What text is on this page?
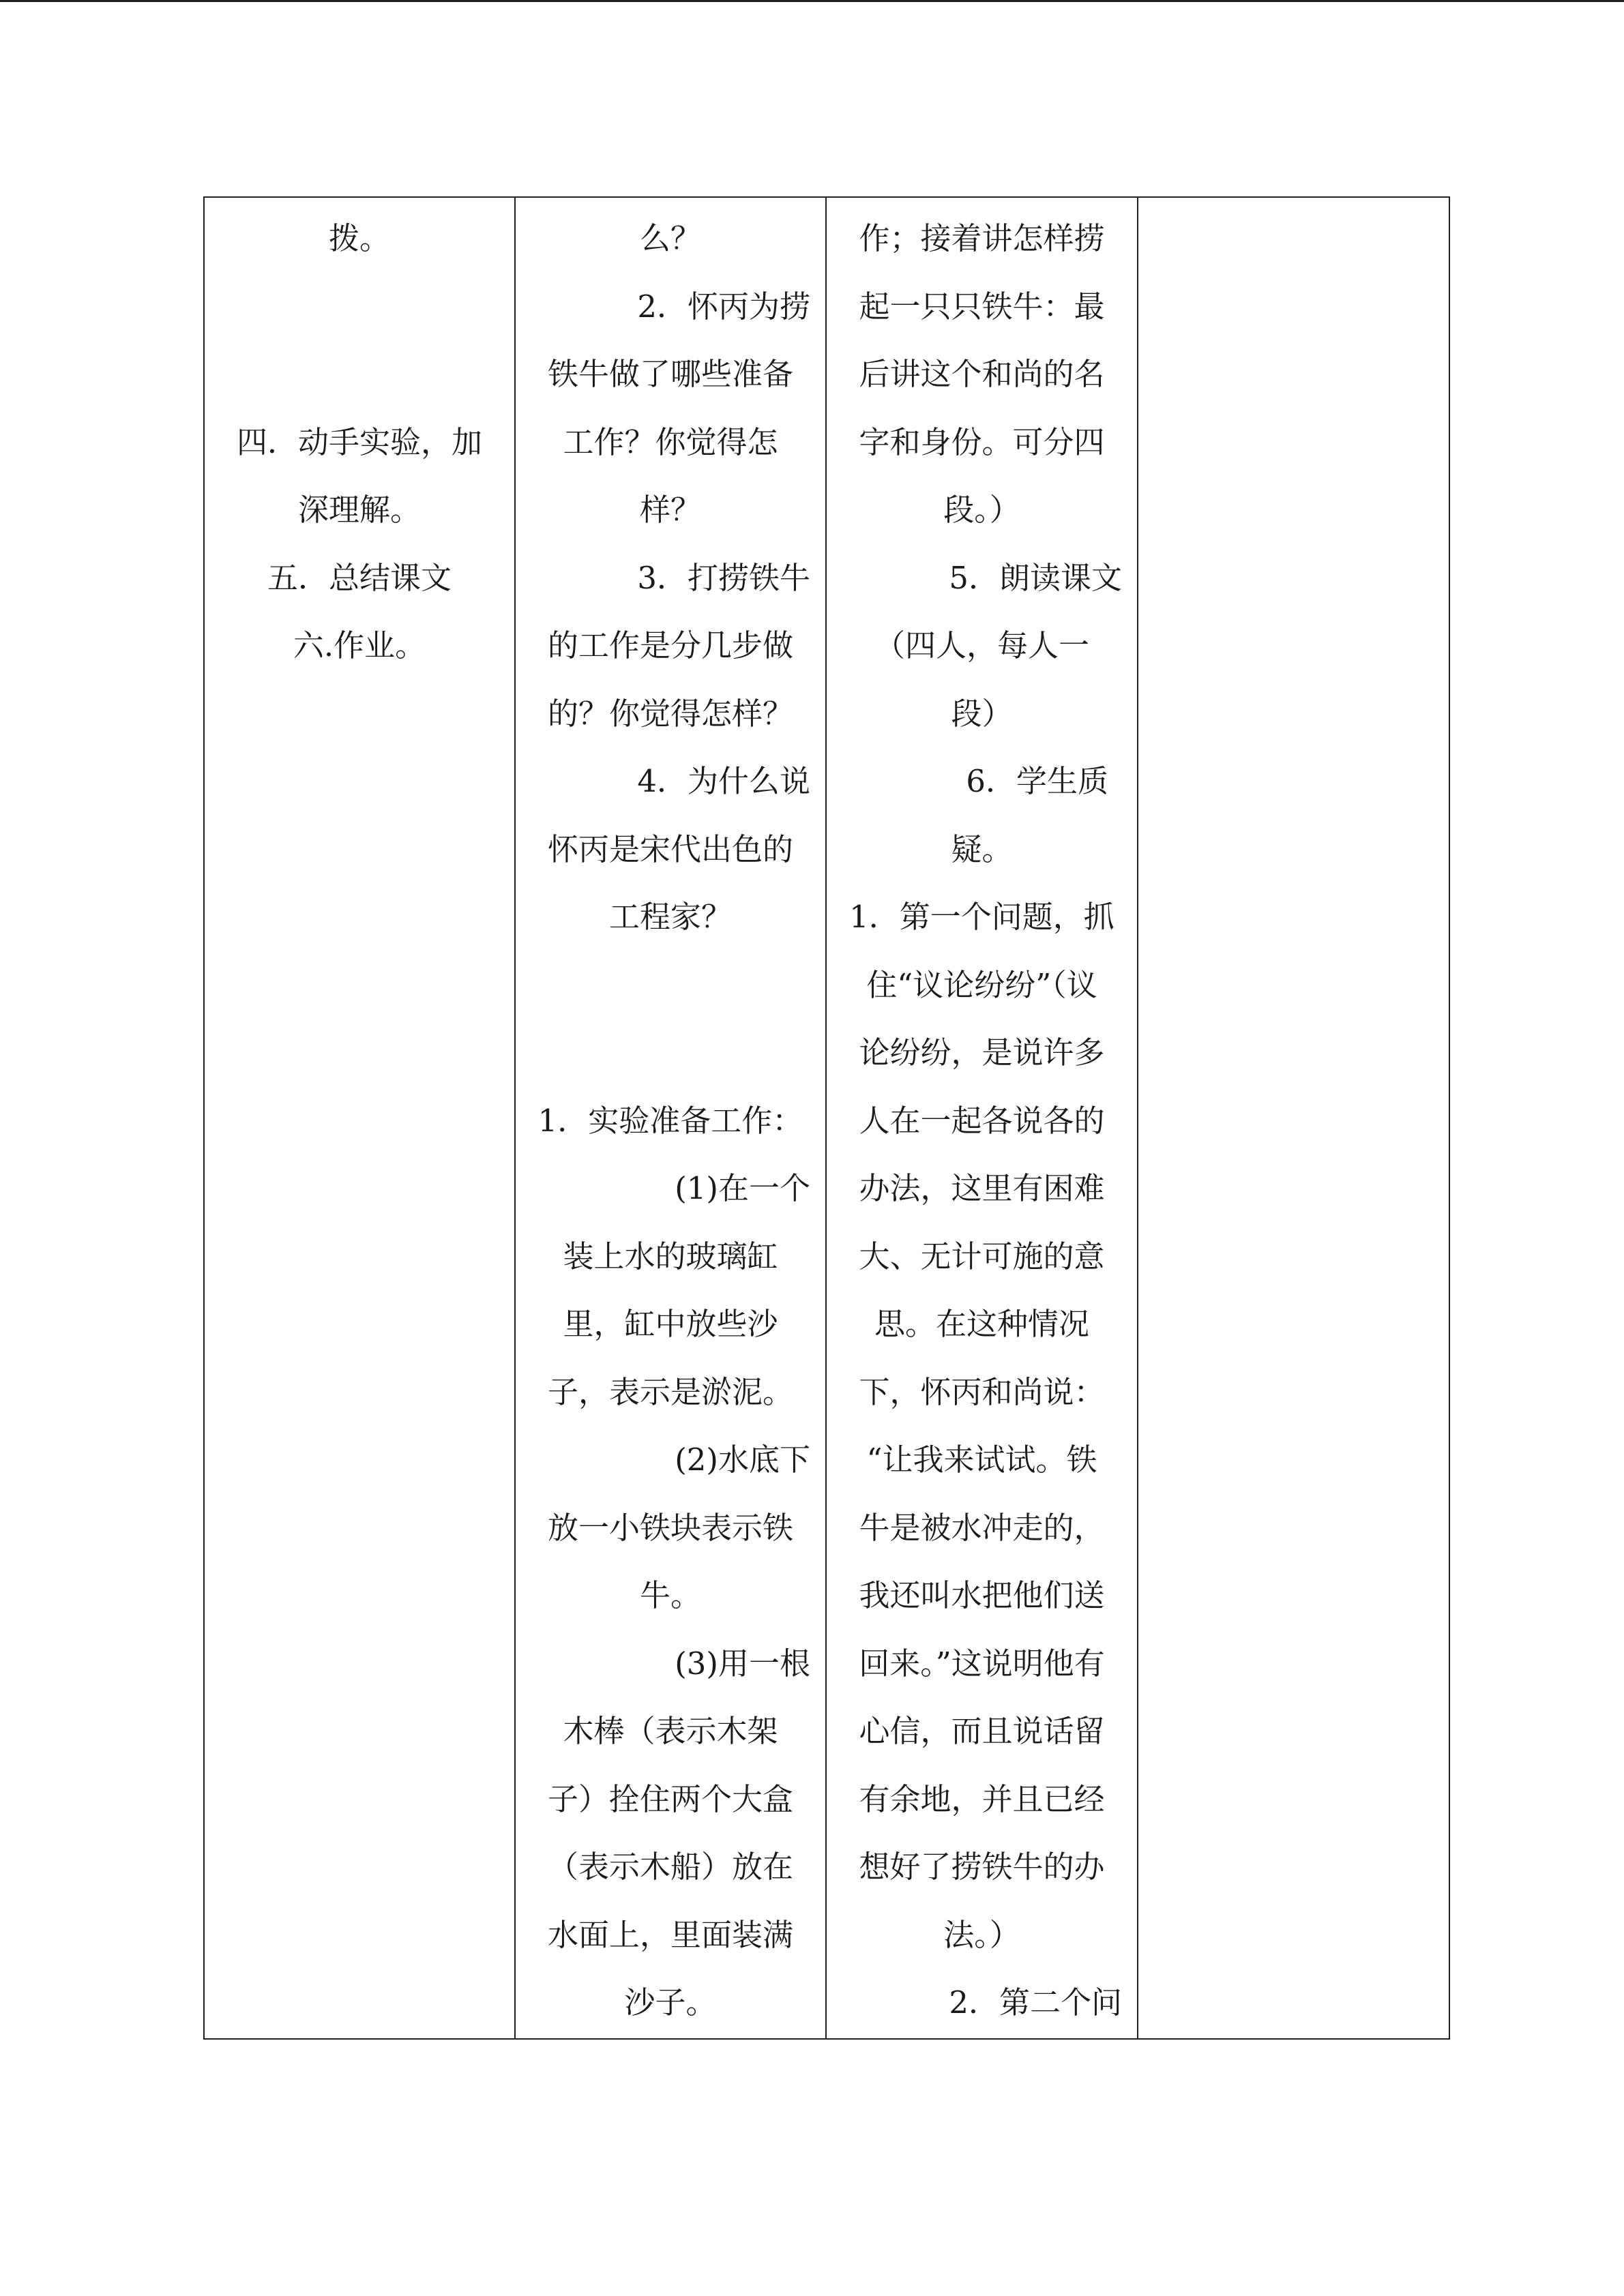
拨。
四．动手实验，加
深理解。
五．总结课文
六.作业。

么？
2．怀丙为捞
铁牛做了哪些准备
工作？你觉得怎
样？
3．打捞铁牛
的工作是分几步做
的？你觉得怎样？
4．为什么说
怀丙是宋代出色的
工程家？
1．实验准备工作：
(1)在一个
装上水的玻璃缸
里，缸中放些沙
子，表示是淤泥。
(2)水底下
放一小铁块表示铁
牛。
(3)用一根
木棒（表示木架
子）拴住两个大盒
（表示木船）放在
水面上，里面装满
沙子。

作；接着讲怎样捞
起一只只铁牛：最
后讲这个和尚的名
字和身份。可分四
段。）
5．朗读课文
（四人，每人一
段）
6．学生质
疑。
1．第一个问题，抓
住“议论纷纷”（议
论纷纷，是说许多
人在一起各说各的
办法，这里有困难
大、无计可施的意
思。在这种情况
下，怀丙和尚说：
“让我来试试。铁
牛是被水冲走的，
我还叫水把他们送
回来。”这说明他有
心信，而且说话留
有余地，并且已经
想好了捞铁牛的办
法。）
2．第二个问
